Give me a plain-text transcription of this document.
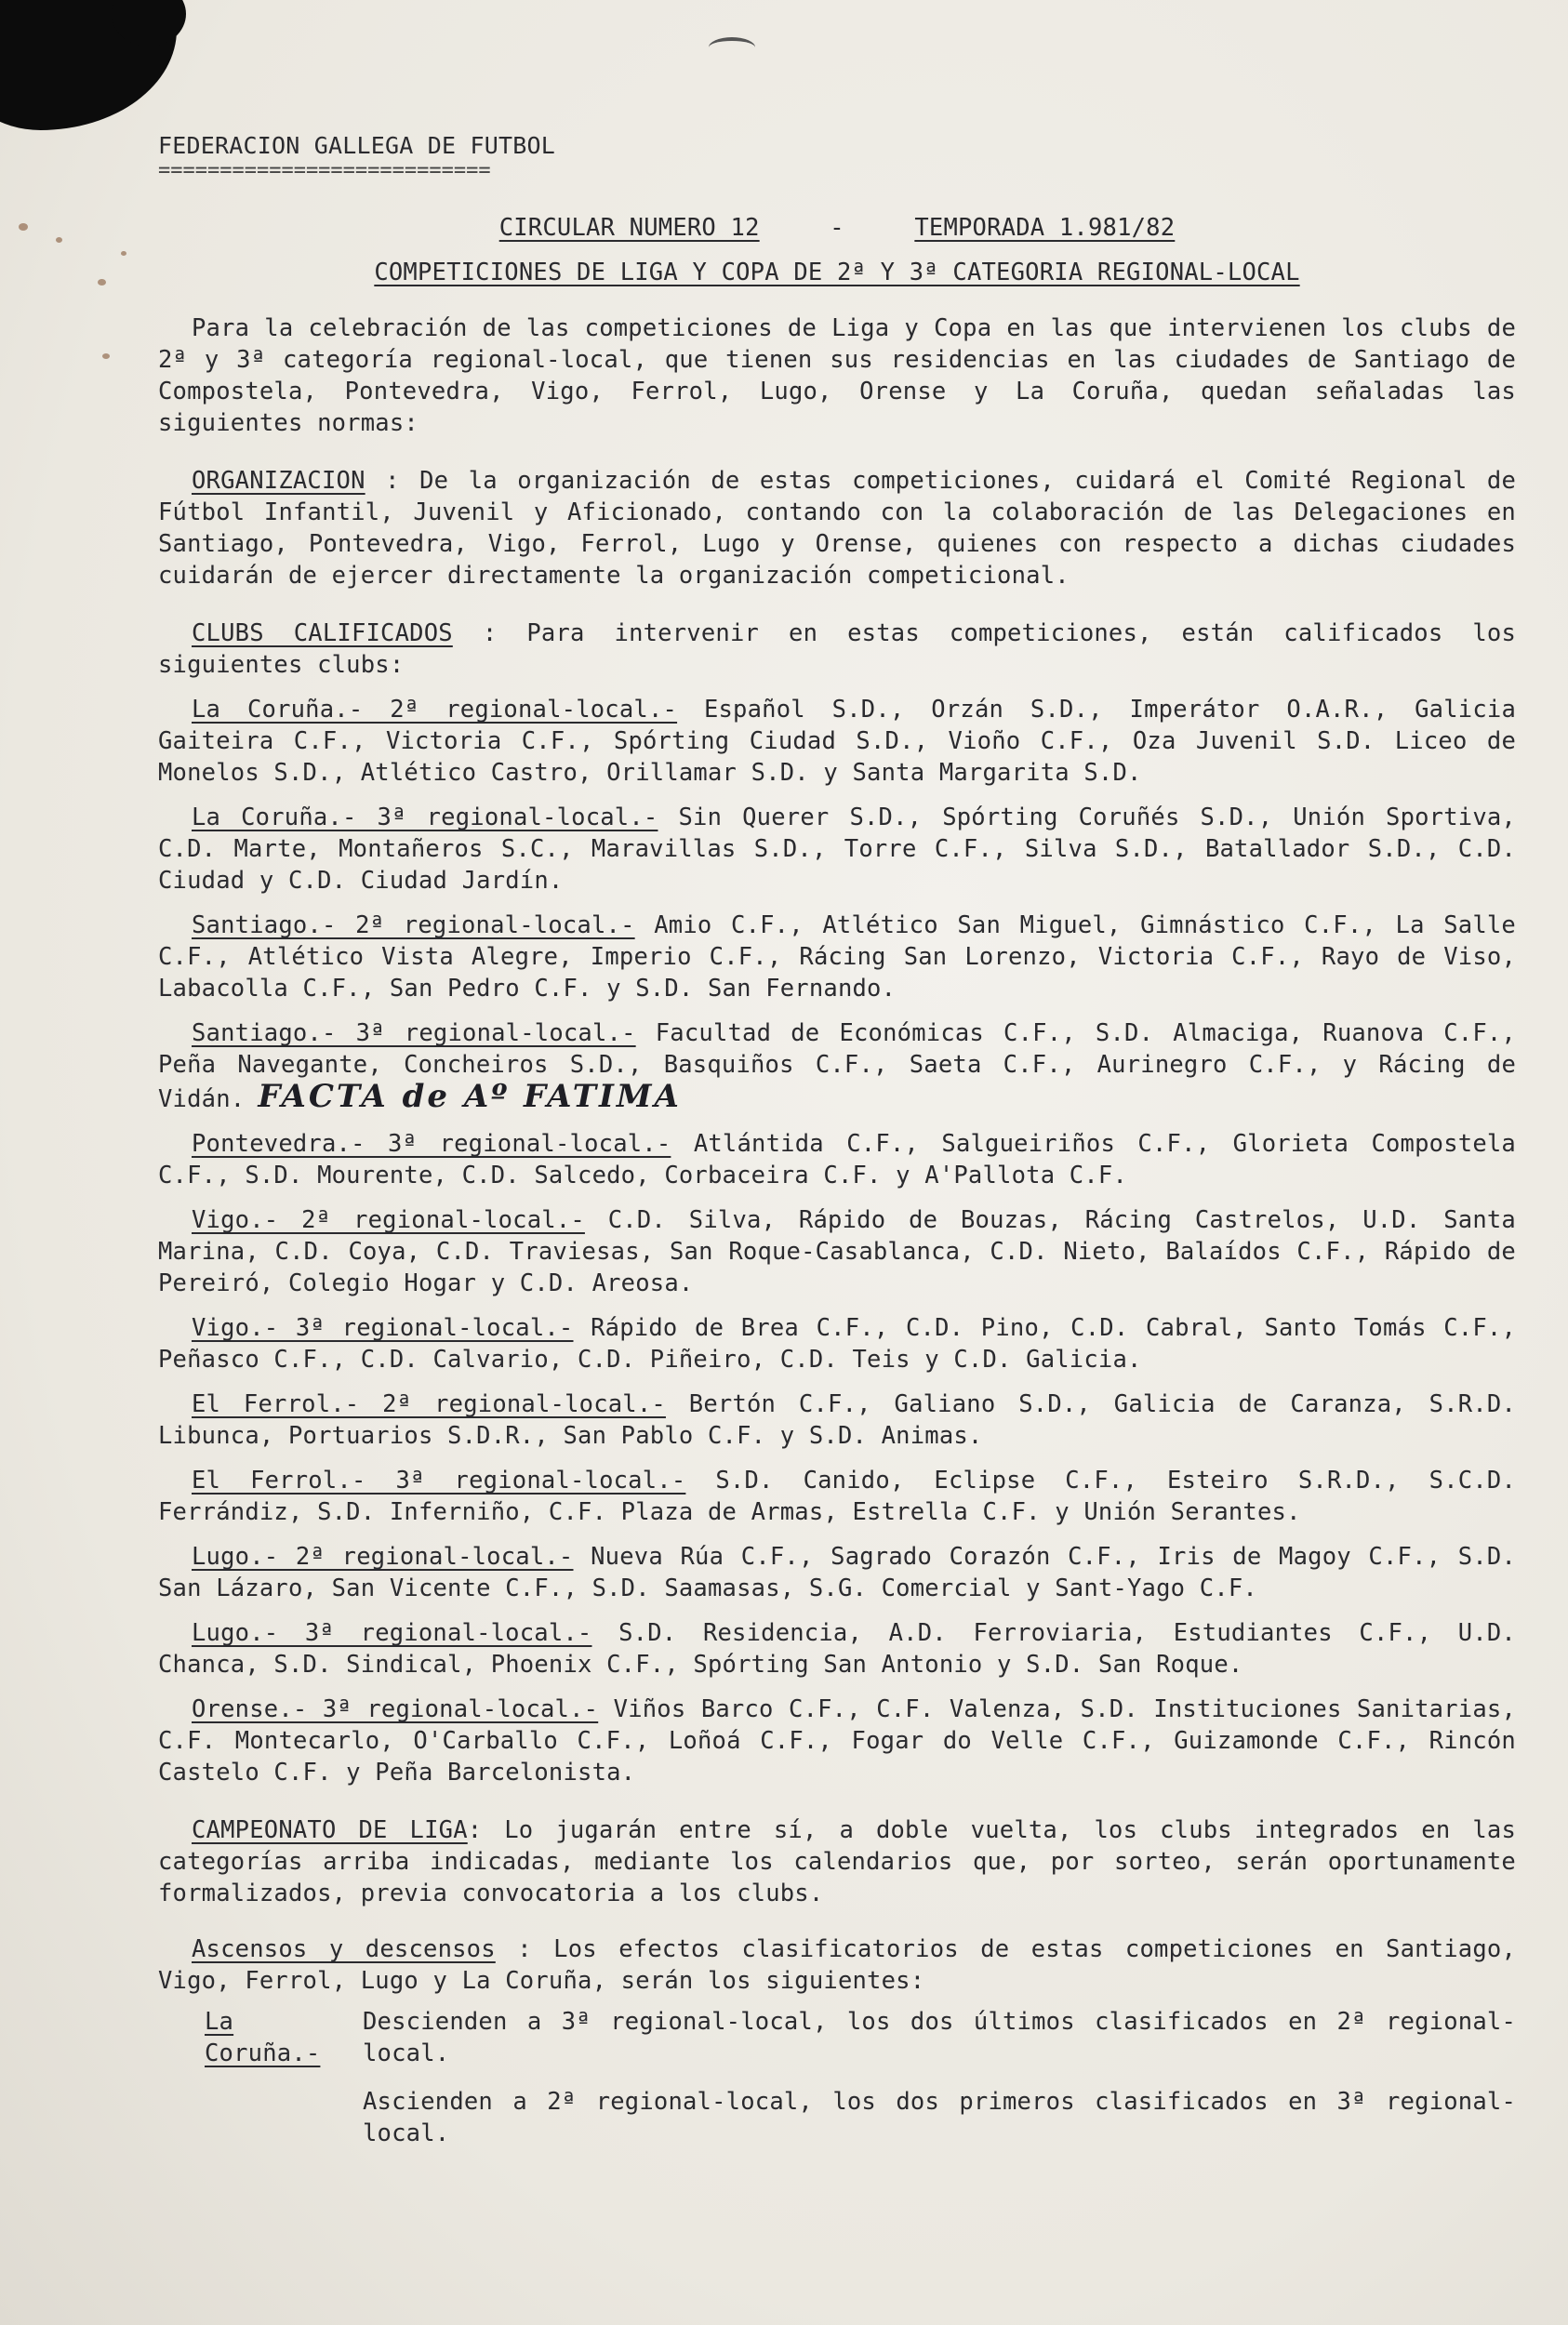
FEDERACION GALLEGA DE FUTBOL
===========================
CIRCULAR NUMERO 12	-	TEMPORADA 1.981/82
COMPETICIONES DE LIGA Y COPA DE 2ª Y 3ª CATEGORIA REGIONAL-LOCAL

Para la celebración de las competiciones de Liga y Copa en las que intervienen los clubs de 2ª y 3ª categoría regional-local, que tienen sus residencias en las ciudades de Santiago de Compostela, Pontevedra, Vigo, Ferrol, Lugo, Orense y La Coruña, quedan señaladas las siguientes normas:

ORGANIZACION : De la organización de estas competiciones, cuidará el Comité Regional de Fútbol Infantil, Juvenil y Aficionado, contando con la colaboración de las Delegaciones en Santiago, Pontevedra, Vigo, Ferrol, Lugo y Orense, quienes con respecto a dichas ciudades cuidarán de ejercer directamente la organización competicional.

CLUBS CALIFICADOS : Para intervenir en estas competiciones, están calificados los siguientes clubs:

La Coruña.- 2ª regional-local.- Español S.D., Orzán S.D., Imperátor O.A.R., Galicia Gaiteira C.F., Victoria C.F., Spórting Ciudad S.D., Vioño C.F., Oza Juvenil S.D. Liceo de Monelos S.D., Atlético Castro, Orillamar S.D. y Santa Margarita S.D.

La Coruña.- 3ª regional-local.- Sin Querer S.D., Spórting Coruñés S.D., Unión Sportiva, C.D. Marte, Montañeros S.C., Maravillas S.D., Torre C.F., Silva S.D., Batallador S.D., C.D. Ciudad y C.D. Ciudad Jardín.

Santiago.- 2ª regional-local.- Amio C.F., Atlético San Miguel, Gimnástico C.F., La Salle C.F., Atlético Vista Alegre, Imperio C.F., Rácing San Lorenzo, Victoria C.F., Rayo de Viso, Labacolla C.F., San Pedro C.F. y S.D. San Fernando.

Santiago.- 3ª regional-local.- Facultad de Económicas C.F., S.D. Almaciga, Ruanova C.F., Peña Navegante, Concheiros S.D., Basquiños C.F., Saeta C.F., Aurinegro C.F., y Rácing de Vidán. FACTA de Aº FATIMA

Pontevedra.- 3ª regional-local.- Atlántida C.F., Salgueiriños C.F., Glorieta Compostela C.F., S.D. Mourente, C.D. Salcedo, Corbaceira C.F. y A'Pallota C.F.

Vigo.- 2ª regional-local.- C.D. Silva, Rápido de Bouzas, Rácing Castrelos, U.D. Santa Marina, C.D. Coya, C.D. Traviesas, San Roque-Casablanca, C.D. Nieto, Balaídos C.F., Rápido de Pereiró, Colegio Hogar y C.D. Areosa.

Vigo.- 3ª regional-local.- Rápido de Brea C.F., C.D. Pino, C.D. Cabral, Santo Tomás C.F., Peñasco C.F., C.D. Calvario, C.D. Piñeiro, C.D. Teis y C.D. Galicia.

El Ferrol.- 2ª regional-local.- Bertón C.F., Galiano S.D., Galicia de Caranza, S.R.D. Libunca, Portuarios S.D.R., San Pablo C.F. y S.D. Animas.

El Ferrol.- 3ª regional-local.- S.D. Canido, Eclipse C.F., Esteiro S.R.D., S.C.D. Ferrándiz, S.D. Inferniño, C.F. Plaza de Armas, Estrella C.F. y Unión Serantes.

Lugo.- 2ª regional-local.- Nueva Rúa C.F., Sagrado Corazón C.F., Iris de Magoy C.F., S.D. San Lázaro, San Vicente C.F., S.D. Saamasas, S.G. Comercial y Sant-Yago C.F.

Lugo.- 3ª regional-local.- S.D. Residencia, A.D. Ferroviaria, Estudiantes C.F., U.D. Chanca, S.D. Sindical, Phoenix C.F., Spórting San Antonio y S.D. San Roque.

Orense.- 3ª regional-local.- Viños Barco C.F., C.F. Valenza, S.D. Instituciones Sanitarias, C.F. Montecarlo, O'Carballo C.F., Loñoá C.F., Fogar do Velle C.F., Guizamonde C.F., Rincón Castelo C.F. y Peña Barcelonista.

CAMPEONATO DE LIGA: Lo jugarán entre sí, a doble vuelta, los clubs integrados en las categorías arriba indicadas, mediante los calendarios que, por sorteo, serán oportunamente formalizados, previa convocatoria a los clubs.

Ascensos y descensos : Los efectos clasificatorios de estas competiciones en Santiago, Vigo, Ferrol, Lugo y La Coruña, serán los siguientes:

La Coruña.-

Descienden a 3ª regional-local, los dos últimos clasificados en 2ª regional-local.

Ascienden a 2ª regional-local, los dos primeros clasificados en 3ª regional-local.
